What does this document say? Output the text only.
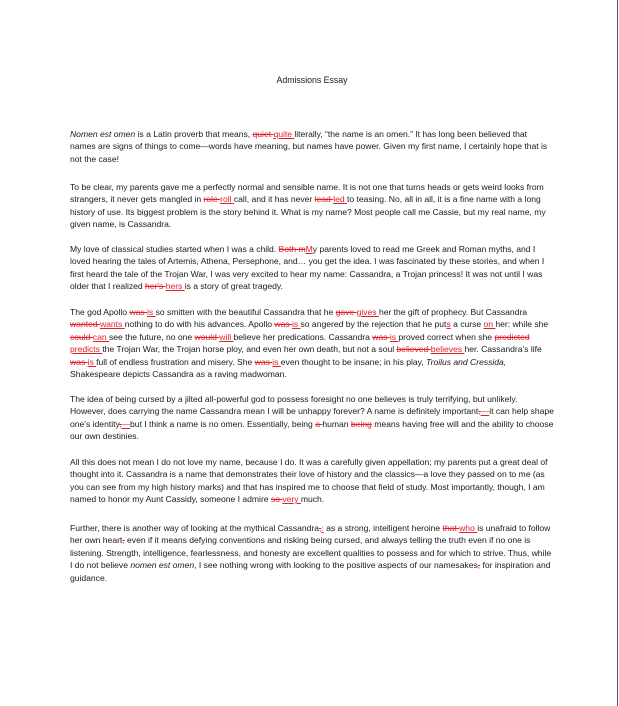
Admissions Essay

Nomen est omen is a Latin proverb that means, quiet quite literally, “the name is an omen.” It has long been believed that names are signs of things to come—words have meaning, but names have power. Given my first name, I certainly hope that is not the case!

To be clear, my parents gave me a perfectly normal and sensible name. It is not one that turns heads or gets weird looks from strangers, it never gets mangled in role roll call, and it has never lead led to teasing. No, all in all, it is a fine name with a long history of use. Its biggest problem is the story behind it. What is my name? Most people call me Cassie, but my real name, my given name, is Cassandra.

My love of classical studies started when I was a child. Both mMy parents loved to read me Greek and Roman myths, and I loved hearing the tales of Artemis, Athena, Persephone, and… you get the idea. I was fascinated by these stories, and when I first heard the tale of the Trojan War, I was very excited to hear my name: Cassandra, a Trojan princess! It was not until I was older that I realized her's hers is a story of great tragedy.

The god Apollo was is so smitten with the beautiful Cassandra that he gave gives her the gift of prophecy. But Cassandra wanted wants nothing to do with his advances. Apollo was is so angered by the rejection that he puts a curse on her: while she could can see the future, no one would will believe her predications. Cassandra was is proved correct when she predicted predicts the Trojan War, the Trojan horse ploy, and even her own death, but not a soul believed believes her. Cassandra’s life was is full of endless frustration and misery. She was is even thought to be insane; in his play, Troilus and Cressida, Shakespeare depicts Cassandra as a raving madwoman.

The idea of being cursed by a jilted all-powerful god to possess foresight no one believes is truly terrifying, but unlikely. However, does carrying the name Cassandra mean I will be unhappy forever? A name is definitely important,—it can help shape one’s identity,—but I think a name is no omen. Essentially, being a human being means having free will and the ability to choose our own destinies.

All this does not mean I do not love my name, because I do. It was a carefully given appellation; my parents put a great deal of thought into it. Cassandra is a name that demonstrates their love of history and the classics—a love they passed on to me (as you can see from my high history marks) and that has inspired me to choose that field of study. Most importantly, though, I am named to honor my Aunt Cassidy, someone I admire so very much.

Further, there is another way of looking at the mythical Cassandra,: as a strong, intelligent heroine that who is unafraid to follow her own heart, even if it means defying conventions and risking being cursed, and always telling the truth even if no one is listening. Strength, intelligence, fearlessness, and honesty are excellent qualities to possess and for which to strive. Thus, while I do not believe nomen est omen, I see nothing wrong with looking to the positive aspects of our namesakes, for inspiration and guidance.
